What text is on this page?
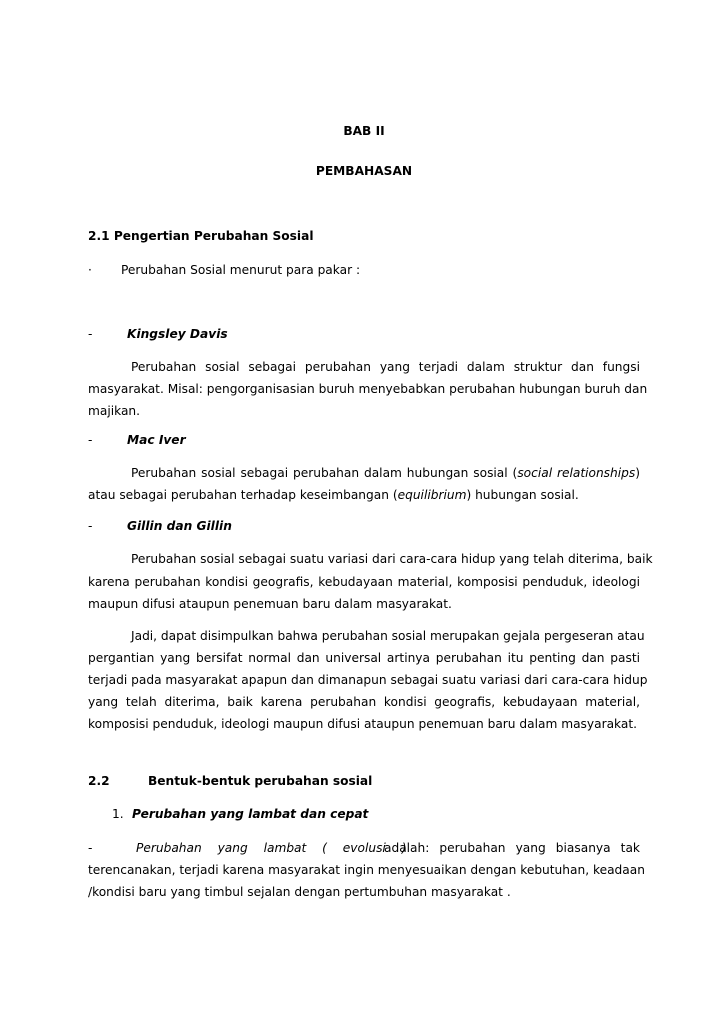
BAB II
PEMBAHASAN
2.1 Pengertian Perubahan Sosial
· Perubahan Sosial menurut para pakar :
-	Kingsley Davis
Perubahan sosial sebagai perubahan yang terjadi dalam struktur dan fungsi
masyarakat. Misal: pengorganisasian buruh menyebabkan perubahan hubungan buruh dan
majikan.
-	Mac Iver
Perubahan sosial sebagai perubahan dalam hubungan sosial (social relationships)
atau sebagai perubahan terhadap keseimbangan (equilibrium) hubungan sosial.
-	Gillin dan Gillin
Perubahan sosial sebagai suatu variasi dari cara-cara hidup yang telah diterima, baik
karena perubahan kondisi geografis, kebudayaan material, komposisi penduduk, ideologi
maupun difusi ataupun penemuan baru dalam masyarakat.
Jadi, dapat disimpulkan bahwa perubahan sosial merupakan gejala pergeseran atau
pergantian yang bersifat normal dan universal artinya perubahan itu penting dan pasti
terjadi pada masyarakat apapun dan dimanapun sebagai suatu variasi dari cara-cara hidup
yang telah diterima, baik karena perubahan kondisi geografis, kebudayaan material,
komposisi penduduk, ideologi maupun difusi ataupun penemuan baru dalam masyarakat.
2.2	Bentuk-bentuk perubahan sosial
1. Perubahan yang lambat dan cepat
-	Perubahan yang lambat ( evolusi )
adalah: perubahan yang biasanya tak
terencanakan, terjadi karena masyarakat ingin menyesuaikan dengan kebutuhan, keadaan
/kondisi baru yang timbul sejalan dengan pertumbuhan masyarakat .
